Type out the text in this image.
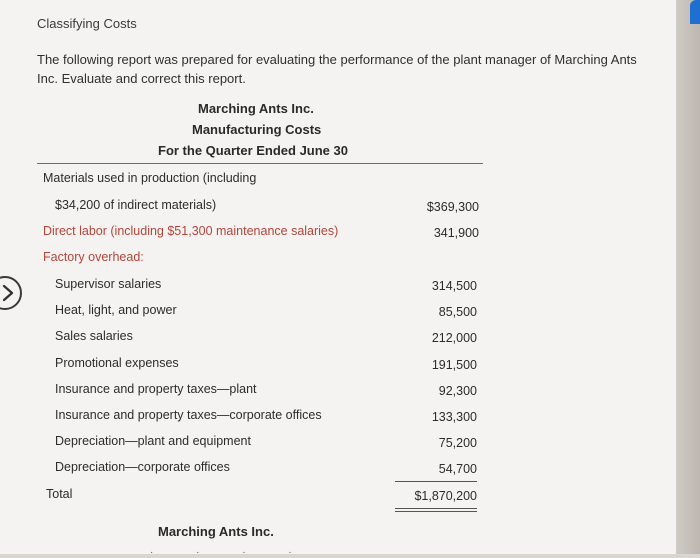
Classifying Costs
The following report was prepared for evaluating the performance of the plant manager of Marching Ants Inc. Evaluate and correct this report.
Marching Ants Inc.
Manufacturing Costs
For the Quarter Ended June 30
Materials used in production (including
$34,200 of indirect materials)	$369,300
Direct labor (including $51,300 maintenance salaries)	341,900
Factory overhead:
Supervisor salaries	314,500
Heat, light, and power	85,500
Sales salaries	212,000
Promotional expenses	191,500
Insurance and property taxes—plant	92,300
Insurance and property taxes—corporate offices	133,300
Depreciation—plant and equipment	75,200
Depreciation—corporate offices	54,700
Total	$1,870,200
Marching Ants Inc.
· · · ·
